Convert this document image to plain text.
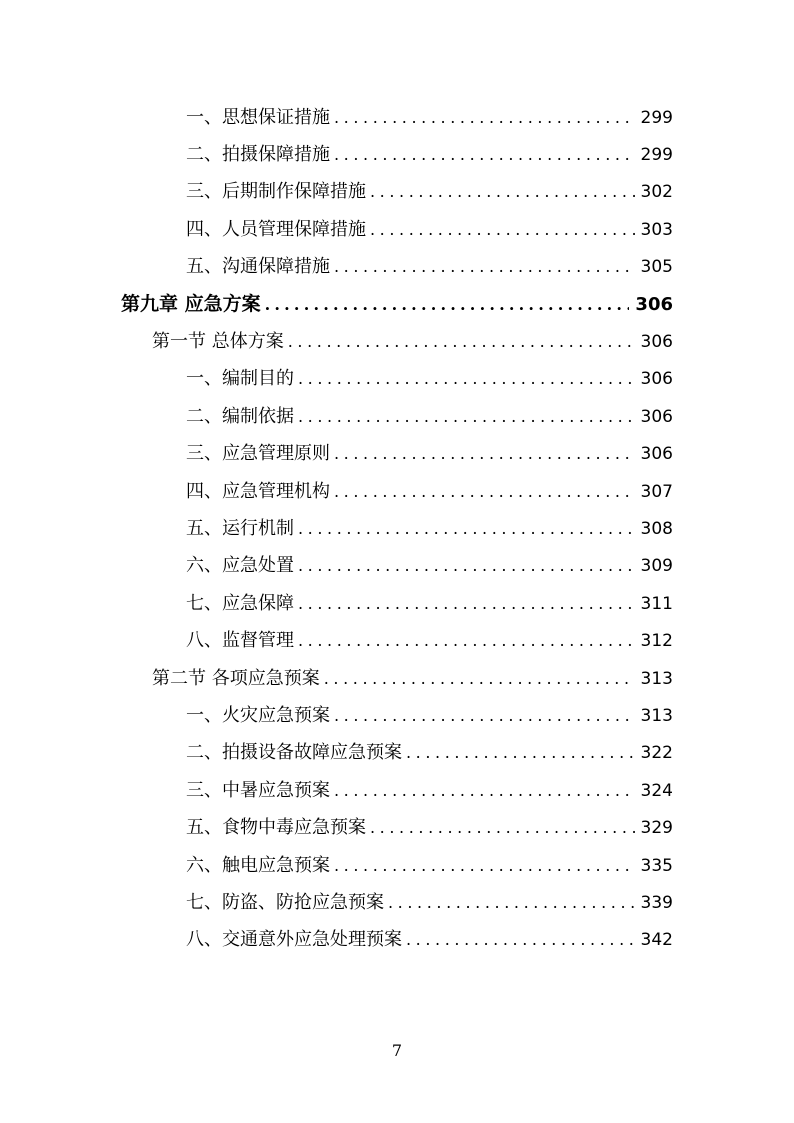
一、思想保证措施 .....	299
二、拍摄保障措施 .....	299
三、后期制作保障措施 .....	302
四、人员管理保障措施 .....	303
五、沟通保障措施 .....	305
第九章 应急方案 .....	306
第一节 总体方案 .....	306
一、编制目的 .....	306
二、编制依据 .....	306
三、应急管理原则 .....	306
四、应急管理机构 .....	307
五、运行机制 .....	308
六、应急处置 .....	309
七、应急保障 .....	311
八、监督管理 .....	312
第二节 各项应急预案 .....	313
一、火灾应急预案 .....	313
二、拍摄设备故障应急预案 .....	322
三、中暑应急预案 .....	324
五、食物中毒应急预案 .....	329
六、触电应急预案 .....	335
七、防盗、防抢应急预案 .....	339
八、交通意外应急处理预案 .....	342
7
